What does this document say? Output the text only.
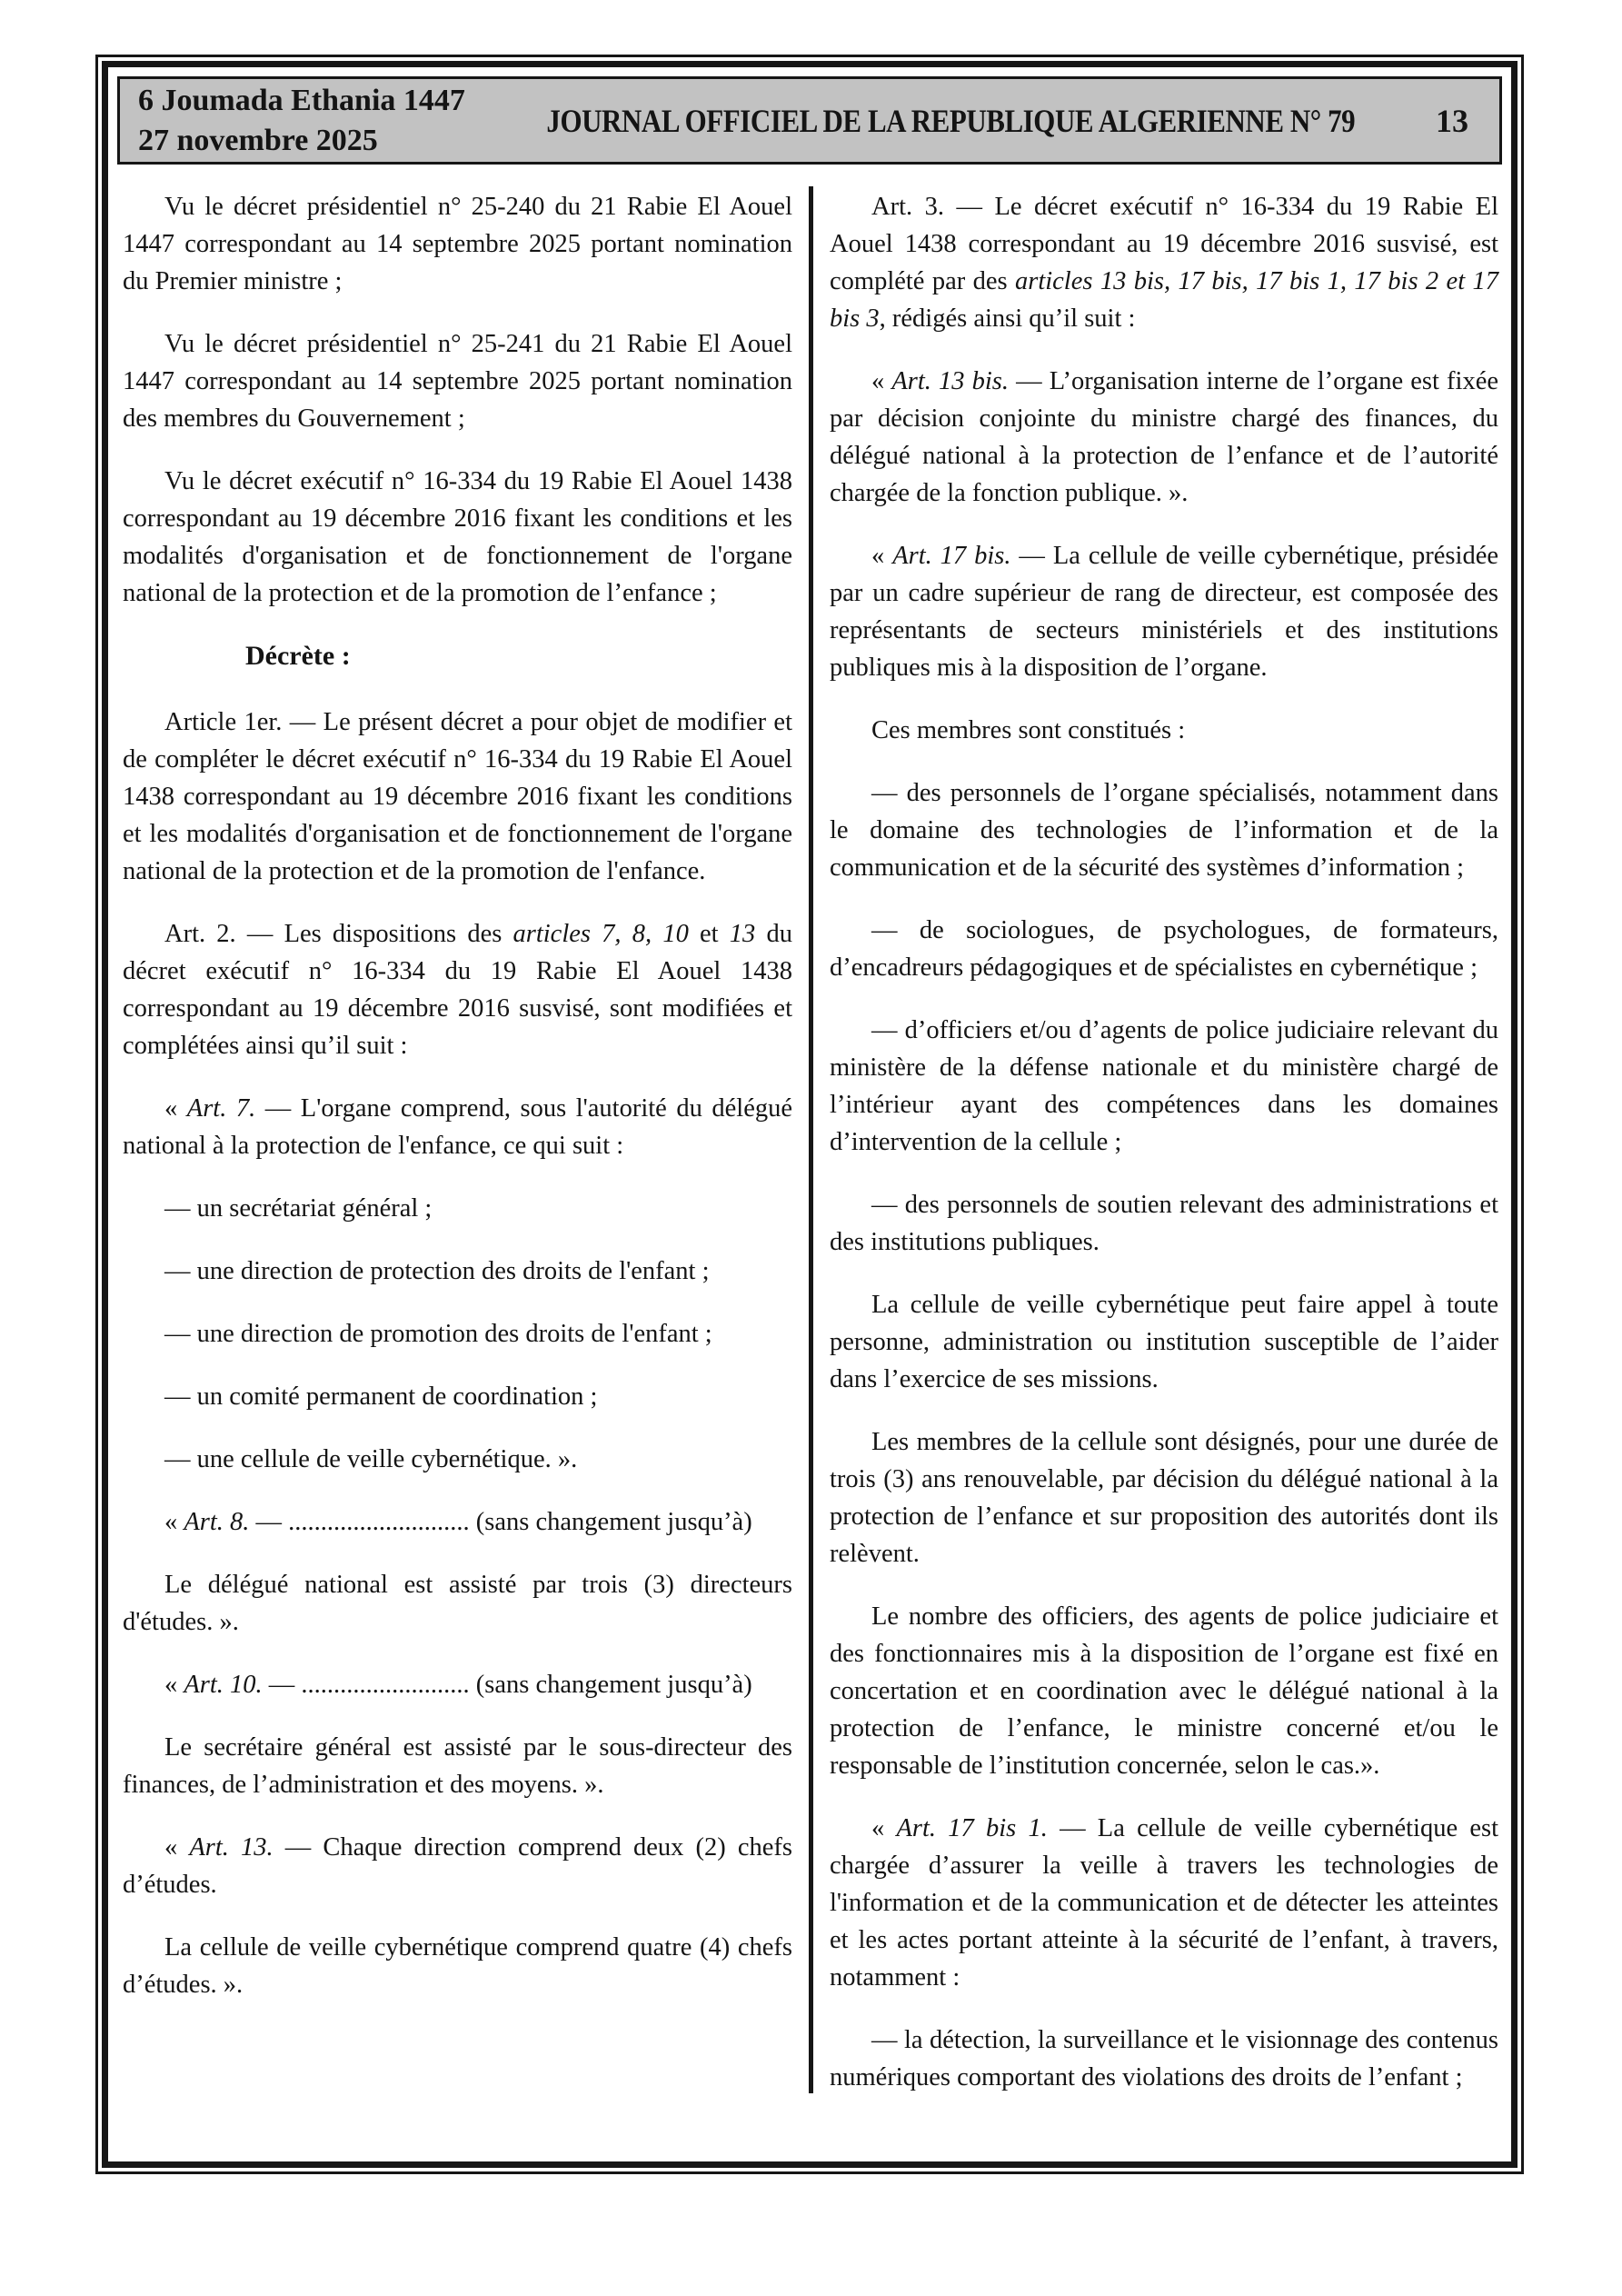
6 Joumada Ethania 1447
27 novembre 2025
JOURNAL OFFICIEL DE LA REPUBLIQUE ALGERIENNE N° 79	13

Vu le décret présidentiel n° 25-240 du 21 Rabie El Aouel 1447 correspondant au 14 septembre 2025 portant nomination du Premier ministre ;

Vu le décret présidentiel n° 25-241 du 21 Rabie El Aouel 1447 correspondant au 14 septembre 2025 portant nomination des membres du Gouvernement ;

Vu le décret exécutif n° 16-334 du 19 Rabie El Aouel 1438 correspondant au 19 décembre 2016 fixant les conditions et les modalités d'organisation et de fonctionnement de l'organe national de la protection et de la promotion de l’enfance ;

Décrète :

Article 1er. — Le présent décret a pour objet de modifier et de compléter le décret exécutif n° 16-334 du 19 Rabie El Aouel 1438 correspondant au 19 décembre 2016 fixant les conditions et les modalités d'organisation et de fonctionnement de l'organe national de la protection et de la promotion de l'enfance.

Art. 2. — Les dispositions des articles 7, 8, 10 et 13 du décret exécutif n° 16-334 du 19 Rabie El Aouel 1438 correspondant au 19 décembre 2016 susvisé, sont modifiées et complétées ainsi qu’il suit :

« Art. 7. — L'organe comprend, sous l'autorité du délégué national à la protection de l'enfance, ce qui suit :

— un secrétariat général ;

— une direction de protection des droits de l'enfant ;

— une direction de promotion des droits de l'enfant ;

— un comité permanent de coordination ;

— une cellule de veille cybernétique. ».

« Art. 8. — ............................ (sans changement jusqu’à)

Le délégué national est assisté par trois (3) directeurs d'études. ».

« Art. 10. — .......................... (sans changement jusqu’à)

Le secrétaire général est assisté par le sous-directeur des finances, de l’administration et des moyens. ».

« Art. 13. — Chaque direction comprend deux (2) chefs d’études.

La cellule de veille cybernétique comprend quatre (4) chefs d’études. ».

Art. 3. — Le décret exécutif n° 16-334 du 19 Rabie El Aouel 1438 correspondant au 19 décembre 2016 susvisé, est complété par des articles 13 bis, 17 bis, 17 bis 1, 17 bis 2 et 17 bis 3, rédigés ainsi qu’il suit :

« Art. 13 bis. — L’organisation interne de l’organe est fixée par décision conjointe du ministre chargé des finances, du délégué national à la protection de l’enfance et de l’autorité chargée de la fonction publique. ».

« Art. 17 bis. — La cellule de veille cybernétique, présidée par un cadre supérieur de rang de directeur, est composée des représentants de secteurs ministériels et des institutions publiques mis à la disposition de l’organe.

Ces membres sont constitués :

— des personnels de l’organe spécialisés, notamment dans le domaine des technologies de l’information et de la communication et de la sécurité des systèmes d’information ;

— de sociologues, de psychologues, de formateurs, d’encadreurs pédagogiques et de spécialistes en cybernétique ;

— d’officiers et/ou d’agents de police judiciaire relevant du ministère de la défense nationale et du ministère chargé de l’intérieur ayant des compétences dans les domaines d’intervention de la cellule ;

— des personnels de soutien relevant des administrations et des institutions publiques.

La cellule de veille cybernétique peut faire appel à toute personne, administration ou institution susceptible de l’aider dans l’exercice de ses missions.

Les membres de la cellule sont désignés, pour une durée de trois (3) ans renouvelable, par décision du délégué national à la protection de l’enfance et sur proposition des autorités dont ils relèvent.

Le nombre des officiers, des agents de police judiciaire et des fonctionnaires mis à la disposition de l’organe est fixé en concertation et en coordination avec le délégué national à la protection de l’enfance, le ministre concerné et/ou le responsable de l’institution concernée, selon le cas.».

« Art. 17 bis 1. — La cellule de veille cybernétique est chargée d’assurer la veille à travers les technologies de l'information et de la communication et de détecter les atteintes et les actes portant atteinte à la sécurité de l’enfant, à travers, notamment :

— la détection, la surveillance et le visionnage des contenus numériques comportant des violations des droits de l’enfant ;
